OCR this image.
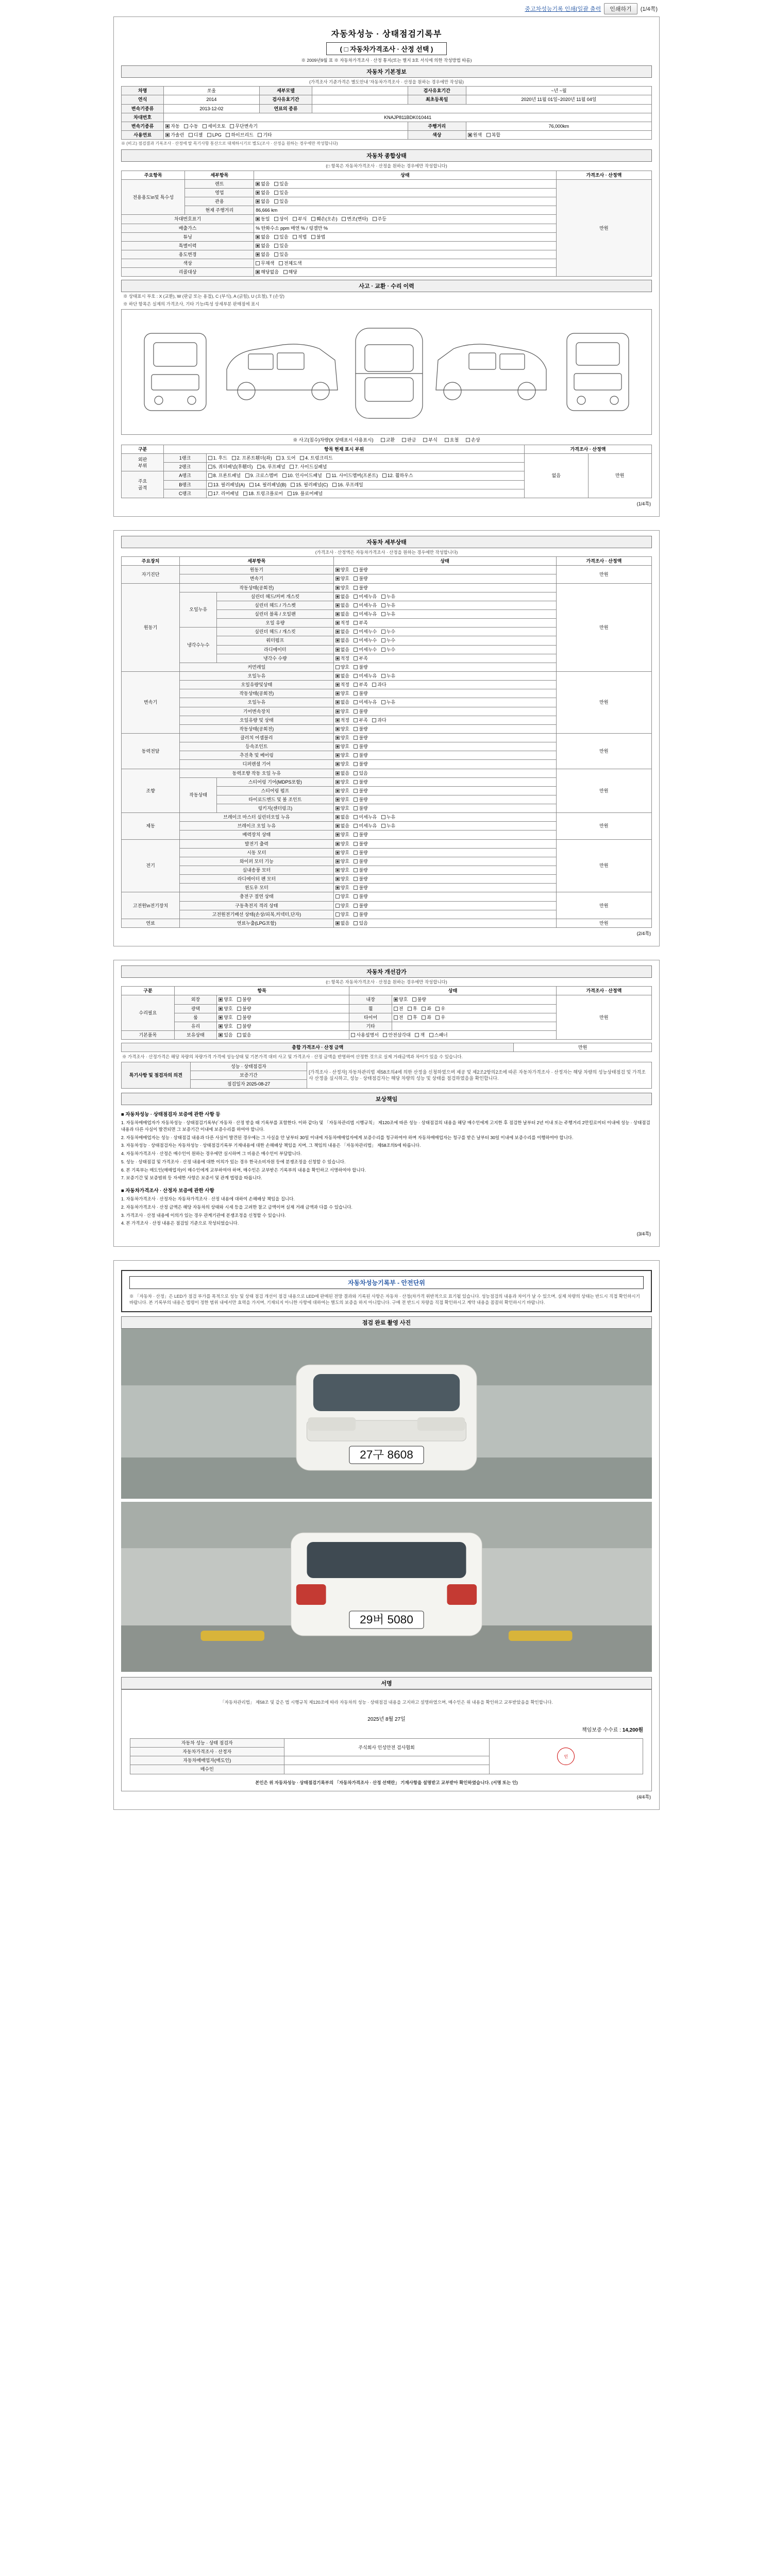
중고차성능기록 인쇄(일괄 출력	인쇄하기	(1/4쪽)
자동차성능 · 상태점검기록부
( □ 자동차가격조사 · 산정 선택 )
※ 2009년9월 표 ※ 자동차가격조사 · 산정 통지(또는 별지 3호 서식에 의한 작성방법 따름)
자동차 기본정보
(가격조사 기준가격은 별도안내 '자동차가격조사 · 산정을 원하는 경우에만 작성됨)
차명	쏘울	세부모델		검사유효기간	~년 ~월
연식	2014	검사유효기간		최초등록일	2020년 11월 01일~2020년 11월 04일
변속기종류	2013-12-02	연료의 종류			
차대번호	KNAJP811BDK010441				
변속기종류	자동 수동 세미오토 무단변속기			주행거리	76,000km
사용연료	가솔린 디젤 LPG 하이브리드 기타			색상	원색 복합
※ (비고) 점검결과 기록조사 · 산정에 딸 목기사항 통산으로 대체하시기로 별도(조사 · 산정을 원하는 경우에만 작성합니다)
자동차 종합상태
(□ 항목은 자동차가격조사 · 산정을 원하는 경우에만 작성합니다)
주요항목	세부항목	상태	가격조사 · 산정액
전용용도\n및 특수성	렌트	없음 있음	만원
	영업	없음 있음	
	관용	없음 있음	
	현재 주행거리	86,666 km	
차대번호표기		동일 상이 부식 훼손(오손) 변조(변타) 주등	
배출가스		% 탄화수소 ppm 매연 % / 링겔만 %	
튜닝		없음 있음 적법 불법	
특별이력		없음 있음	
용도변경		없음 있음	
색상		무채색 전체도색	
리콜대상		해당없음 해당	
사고 · 교환 · 수리 이력
※ 상태표시 부호 : X (교환), W (판금 또는 용접), C (부식), A (긁힘), U (요철), T (손상)
※ 하단 항목은 실제의 가격조사, 기타 기능/특성 상세부분 판매점에 표시
※ 사고(침수)차량(X 상태표시 사용표시)	교환	판금	부식	요철	손상
구분	항목 현재 표시 부위		가격조사 · 산정액	
외판
부위	1랭크	1. 후드 2. 프론트휀더(좌) 3. 도어 4. 트렁크리드	없음	만원
	2랭크	5. 쿼터패널(후휀더) 6. 루프패널 7. 사이드실패널		
주요
골격	A랭크	8. 프론트패널 9. 크로스멤버 10. 인사이드패널 11. 사이드멤버(프론트) 12. 휠하우스		
	B랭크	13. 필러패널(A) 14. 필러패널(B) 15. 필러패널(C) 16. 루프레일		
	C랭크	17. 리어패널 18. 트렁크플로어 19. 플로어패널		
(1/4쪽)
자동차 세부상태
(가격조사 · 산정액은 자동차가격조사 · 산정을 원하는 경우에만 작성합니다)
주요장치	세부항목		상태	가격조사 · 산정액
자기진단	원동기		양호 불량	만원
	변속기		양호 불량	
원동기	작동상태(공회전)		양호 불량	만원
	오일누유	실린더 헤드/커버 개스킷	없음 미세누유 누유	
		실린더 헤드 / 가스켓	없음 미세누유 누유	
		실린더 블록 / 오일팬	없음 미세누유 누유	
		오일 유량	적정 부족	
	냉각수누수	실린더 헤드 / 개스킷	없음 미세누수 누수	
		워터펌프	없음 미세누수 누수	
		라디에이터	없음 미세누수 누수	
		냉각수 수량	적정 부족	
	커먼레일		양호 불량	
변속기	오일누유		없음 미세누유 누유	만원
	오일유량및상태		적정 부족 과다	
	작동상태(공회전)		양호 불량	
	오일누유		없음 미세누유 누유	
	기어변속장치		양호 불량	
	오일유량 및 상태		적정 부족 과다	
	작동상태(공회전)		양호 불량	
동력전달	클러치 어셈블리		양호 불량	만원
	등속조인트		양호 불량	
	추진축 및 베어링		양호 불량	
	디퍼렌셜 기어		양호 불량	
조향	동력조향 작동 오일 누유		없음 있음	만원
	작동상태	스티어링 기어(MDPS포함)	양호 불량	
		스티어링 펌프	양호 불량	
		타이로드엔드 및 볼 조인트	양호 불량	
		링키지(센터링크)	양호 불량	
제동	브레이크 마스터 실린더오일 누유		없음 미세누유 누유	만원
	브레이크 오일 누유		없음 미세누유 누유	
	배력장치 상태		양호 불량	
전기	발전기 출력		양호 불량	만원
	시동 모터		양호 불량	
	와이퍼 모터 기능		양호 불량	
	실내송풍 모터		양호 불량	
	라디에이터 팬 모터		양호 불량	
	윈도우 모터		양호 불량	
고전원\n전기장치	충전구 절연 상태		양호 불량	만원
	구동축전지 격리 상태		양호 불량	
	고전원전기배선 상태(손상/피복,커넥터,단자)		양호 불량	
연료	연료누출(LPG포함)		없음 있음	만원
(2/4쪽)
자동차 개선감가
(□ 항목은 자동차가격조사 · 산정을 원하는 경우에만 작성합니다)
구분	항목		상태		가격조사 · 산정액
수리필요	외장	양호 불량	내장	양호 불량	만원
	광택	양호 불량	휠	전 후 좌 우	
	룸	양호 불량	타이어	전 후 좌 우	
	유리	양호 불량	기타		
기본품목	보유상태	있음 없음	사용설명서 안전삼각대 잭 스패너		
총합 가격조사 · 산정 금액	만원
※ 가격조사 · 산정가격은 해당 차량의 차량가격 가격에 성능상태 및 기본가격 대비 사고 및 가격조사 · 산정 금액을 반영하여 산정한 것으로 실제 거래금액과 차이가 있을 수 있습니다.
특기사항 및 점검자의 의견	성능 · 상태점검자	[가격조사 · 산정자] 자동차관리법 제58조의4에 의한 산정을 신청하였으며 제공 및 제2조2항의2조에 따른 자동차가격조사 · 산정자는 해당 차량의 성능상태점검 및 가격조사 산정을 실시하고, 성능 · 상태점검자는 해당 차량의 성능 및 상태를 점검하였음을 확인합니다.
보증기간
점검일자 2025-08-27
보상책임
■ 자동차성능 · 상태점검자 보증에 관한 사항 등

1. 자동차매매업자가 자동차성능 · 상태점검기록부(「자동차 · 산정 받을 때 기록부를 포함한다. 이하 같다) 및 「자동차관리법 시행규칙」 제120조에 따른 성능 · 상태점검의 내용을 해당 매수인에게 고지한 후 점검한 날부터 2년 이내 또는 주행거리 2만킬로미터 이내에 성능 · 상태점검 내용과 다른 사실이 발견되면 그 보증기간 이내에 보증수리를 하여야 합니다.

2. 자동차매매업자는 성능 · 상태점검 내용과 다른 사실이 발견된 경우에는 그 사실을 안 날부터 30일 이내에 자동차매매업자에게 보증수리를 청구하여야 하며 자동차매매업자는 청구를 받은 날부터 30일 이내에 보증수리를 이행하여야 합니다.

3. 자동차성능 · 상태점검자는 자동차성능 · 상태점검기록부 기재내용에 대한 손해배상 책임을 지며, 그 책임의 내용은 「자동차관리법」 제58조의5에 따릅니다.

4. 자동차가격조사 · 산정은 매수인이 원하는 경우에만 실시하며 그 비용은 매수인이 부담합니다.

5. 성능 · 상태점검 및 가격조사 · 산정 내용에 대한 이의가 있는 경우 한국소비자원 등에 분쟁조정을 신청할 수 있습니다.

6. 본 기록부는 매도인(매매업자)이 매수인에게 교부하여야 하며, 매수인은 교부받은 기록부의 내용을 확인하고 서명하여야 합니다.

7. 보증기간 및 보증범위 등 자세한 사항은 보증서 및 관계 법령을 따릅니다.

■ 자동차가격조사 · 산정자 보증에 관한 사항

1. 자동차가격조사 · 산정자는 자동차가격조사 · 산정 내용에 대하여 손해배상 책임을 집니다.

2. 자동차가격조사 · 산정 금액은 해당 자동차의 상태와 시세 등을 고려한 참고 금액이며 실제 거래 금액과 다를 수 있습니다.

3. 가격조사 · 산정 내용에 이의가 있는 경우 관계기관에 분쟁조정을 신청할 수 있습니다.

4. 본 가격조사 · 산정 내용은 점검일 기준으로 작성되었습니다.

(3/4쪽)
자동차성능기록부 - 안전단위
※ 「자동차 · 산정」은 LED가 점검 부가를 목적으로 성능 및 상태 점검 개선이 점검 내용으로 LED에 판매된 전망 결과와 기록된 사항은 자동차 · 산정(차가격 위반적으로 표기될 있습니다. 성능점검의 내용과 차이가 날 수 있으며, 실제 차량의 상태는 반드시 직접 확인하시기 바랍니다. 본 기록부의 내용은 법령이 정한 범위 내에서만 효력을 가지며, 기재되지 아니한 사항에 대하여는 별도의 보증을 하지 아니합니다. 구매 전 반드시 차량을 직접 확인하시고 계약 내용을 꼼꼼히 확인하시기 바랍니다.
점검 완료 촬영 사진
27구 8608
29버 5080
서명
「자동차관리법」 제58조 및 같은 법 시행규칙 제120조에 따라 자동차의 성능 · 상태점검 내용을 고지하고 설명하였으며, 매수인은 위 내용을 확인하고 교부받았음을 확인합니다.
2025년 8월 27일
책임보증 수수료 : 14,200원
자동차 성능 · 상태 점검자	주식회사 인성안전 검사협회	인
자동차가격조사 · 산정자		
자동차매매업자(매도인)		
매수인		
본인은 위 자동차성능 · 상태점검기록부의 「자동차가격조사 · 산정 선택란」 기재사항을 설명받고 교부받아 확인하였습니다. (서명 또는 인)
(4/4쪽)
